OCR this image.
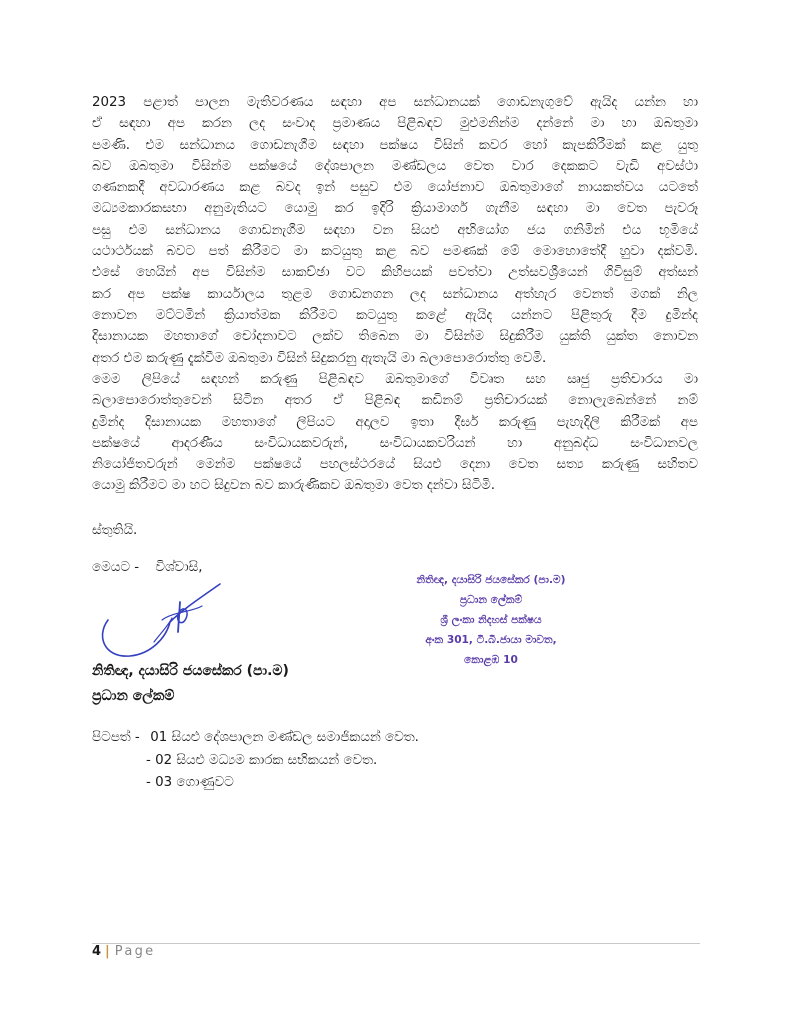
2023 පළාත් පාලන මැතිවරණය සඳහා අප සන්ධානයක් ගොඩනැගුවේ ඇයිද යන්න හා
ඒ සඳහා අප කරන ලද සංවාද ප්‍රමාණය පිළිබඳව මුළුමනින්ම දන්නේ මා හා ඔබතුමා
පමණි. එම සන්ධානය ගොඩනැගීම සඳහා පක්ෂය විසින් කවර හෝ කැපකිරීමක් කළ යුතු
බව ඔබතුමා විසින්ම පක්ෂයේ දේශපාලන මණ්ඩලය වෙත වාර දෙකකට වැඩි අවස්ථා
ගණනකදී අවධාරණය කළ බවද ඉන් පසුව එම යෝජනාව ඔබතුමාගේ නායකත්වය යටතේ
මධ්‍යමකාරකසභා අනුමැතියට යොමු කර ඉදිරි ක්‍රියාමාර්ග ගැනීම සඳහා මා වෙත පැවරූ
පසු එම සන්ධානය ගොඩනැගීම සඳහා වන සියළු අභියෝග ජය ගනිමින් එය භූමියේ
යථාර්ථයක් බවට පත් කිරීමට මා කටයුතු කළ බව පමණක් මේ මොහොතේදී හුවා දක්වමි.
එසේ හෙයින් අප විසින්ම සාකච්ඡා වට කිහිපයක් පවත්වා උත්සවශ්‍රීයෙන් ගිවිසුම් අත්සන්
කර අප පක්ෂ කාර්යාලය තුළම ගොඩනගන ලද සන්ධානය අත්හැර වෙනත් මගක් නිල
නොවන මට්ටමින් ක්‍රියාත්මක කිරීමට කටයුතු කළේ ඇයිද යන්නට පිළිතුරු දීම දුමින්ද
දිසානායක මහතාගේ චෝදනාවට ලක්ව තිබෙන මා විසින්ම සිදුකිරීම යුක්ති යුක්ත නොවන
අතර එම කරුණු දැක්වීම ඔබතුමා විසින් සිදුකරනු ඇතැයි මා බලාපොරොත්තු වෙමි.
මෙම ලිපියේ සඳහන් කරුණු පිළිබඳව ඔබතුමාගේ විවෘත සහ ඍජු ප්‍රතිචාරය මා
බලාපොරොත්තුවෙන් සිටින අතර ඒ පිළිබඳ කඩිනම් ප්‍රතිචාරයක් නොලැබෙන්නේ නම්
දුමින්ද දිසානායක මහතාගේ ලිපියට අදාලව ඉතා දීර්ඝ කරුණු පැහැදිලි කිරීමක් අප
පක්ෂයේ ආදරණීය සංවිධායකවරුන්, සංවිධායකවරියන් හා අනුබද්ධ සංවිධානවල
නියෝජිතවරුන් මෙන්ම පක්ෂයේ පහලස්ථරයේ සියළු දෙනා වෙත සත්‍ය කරුණු සහිතව
යොමු කිරීමට මා හට සිදුවන බව කාරුණිකව ඔබතුමා වෙත දන්වා සිටිමි.
ස්තුතියි.
මෙයට - විශ්වාසි,
නිතිඥ, දයාසිරි ජයසේකර (පා.ම)
ප්‍රධාන ලේකම්
ශ්‍රී ලංකා නිදහස් පක්ෂය
අංක 301, ටී.බී.ජායා මාවත,
කොළඹ 10
නිතිඥ, දයාසිරි ජයසේකර (පා.ම)
ප්‍රධාන ලේකම්
පිටපත් - 01 සියළු දේශපාලන මණ්ඩල සමාජිකයන් වෙත.
- 02 සියළු මධ්‍යම කාරක සභිකයන් වෙත.
- 03 ගොණුවට
4 | Page
